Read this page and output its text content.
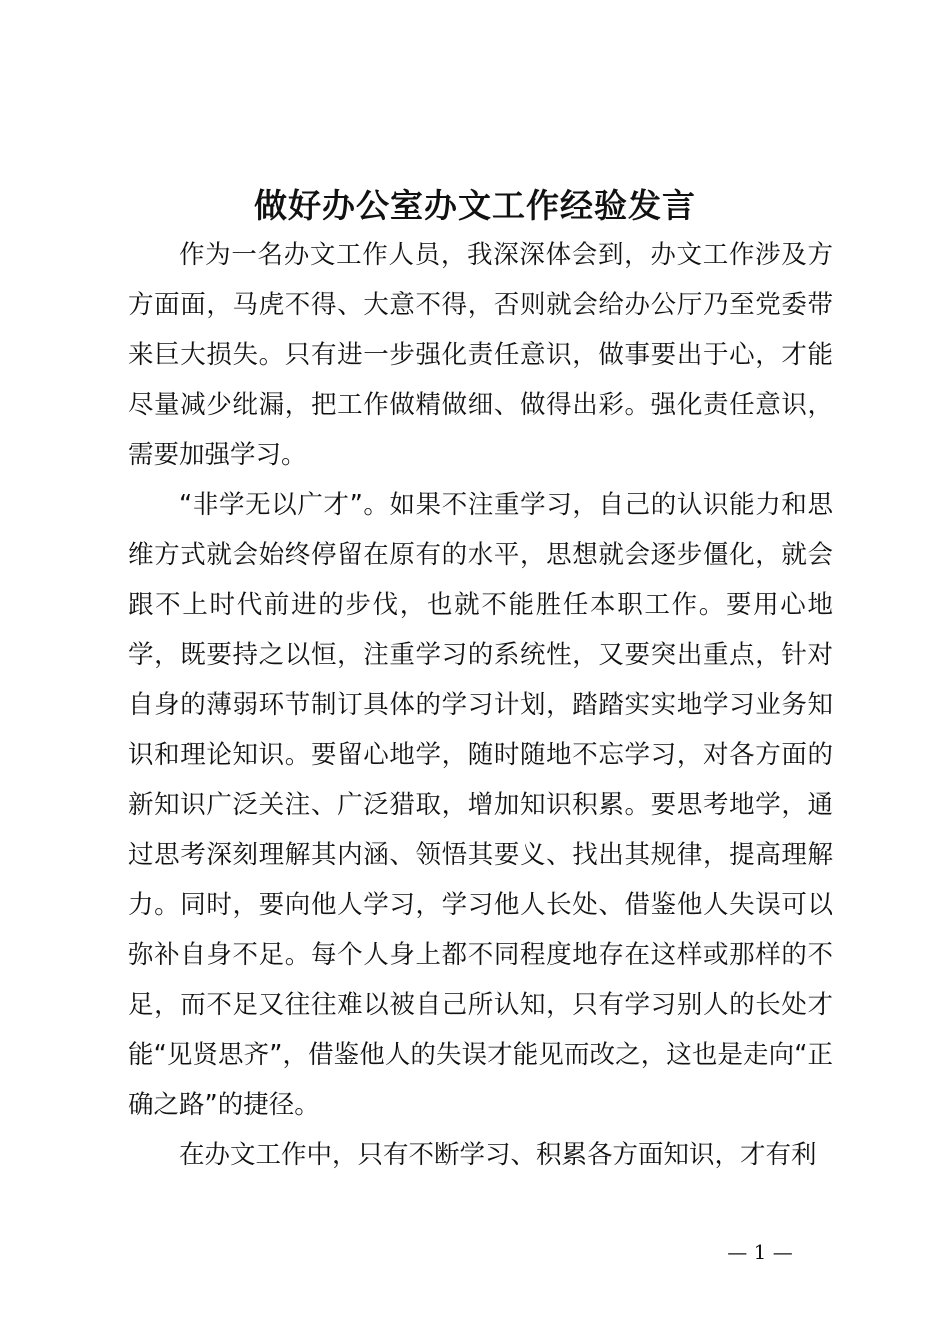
做好办公室办文工作经验发言

作为一名办文工作人员，我深深体会到，办文工作涉及方方面面，马虎不得、大意不得，否则就会给办公厅乃至党委带来巨大损失。只有进一步强化责任意识，做事要出于心，才能尽量减少纰漏，把工作做精做细、做得出彩。强化责任意识，需要加强学习。

“非学无以广才”。如果不注重学习，自己的认识能力和思维方式就会始终停留在原有的水平，思想就会逐步僵化，就会跟不上时代前进的步伐，也就不能胜任本职工作。要用心地学，既要持之以恒，注重学习的系统性，又要突出重点，针对自身的薄弱环节制订具体的学习计划，踏踏实实地学习业务知识和理论知识。要留心地学，随时随地不忘学习，对各方面的新知识广泛关注、广泛猎取，增加知识积累。要思考地学，通过思考深刻理解其内涵、领悟其要义、找出其规律，提高理解力。同时，要向他人学习，学习他人长处、借鉴他人失误可以弥补自身不足。每个人身上都不同程度地存在这样或那样的不足，而不足又往往难以被自己所认知，只有学习别人的长处才能“见贤思齐”，借鉴他人的失误才能见而改之，这也是走向“正确之路”的捷径。

在办文工作中，只有不断学习、积累各方面知识，才有利

— 1 —
